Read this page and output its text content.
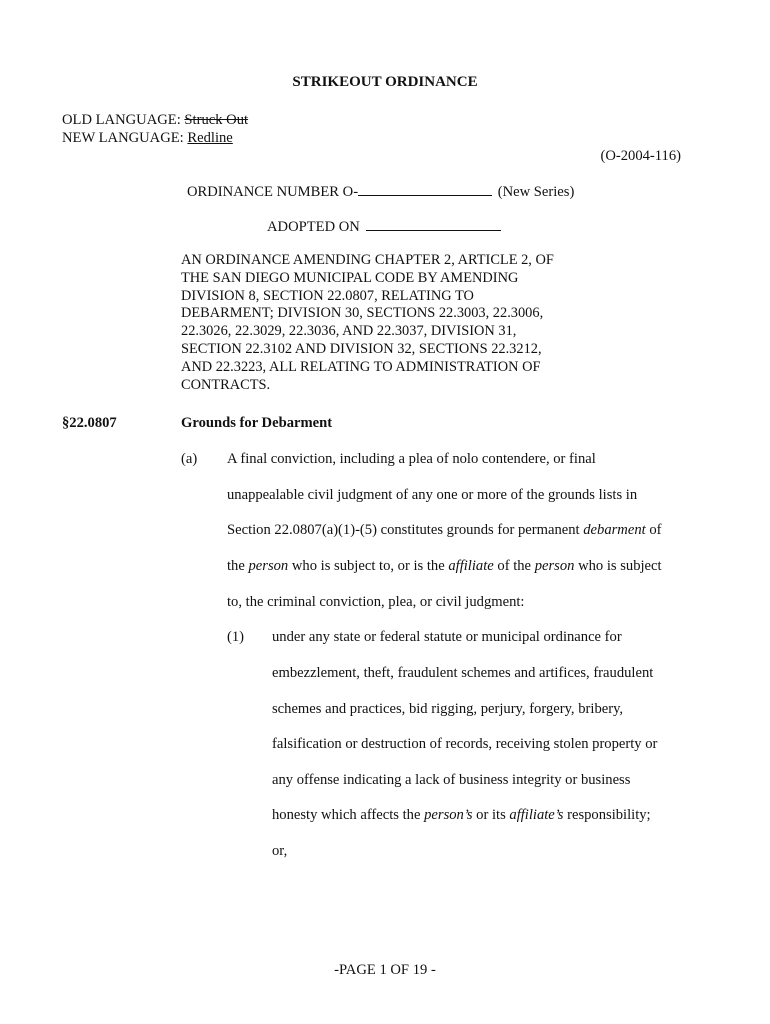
STRIKEOUT ORDINANCE
OLD LANGUAGE: Struck Out
NEW LANGUAGE: Redline
(O-2004-116)
ORDINANCE NUMBER O-	(New Series)
ADOPTED ON
AN ORDINANCE AMENDING CHAPTER 2, ARTICLE 2, OF
THE SAN DIEGO MUNICIPAL CODE BY AMENDING
DIVISION 8, SECTION 22.0807, RELATING TO
DEBARMENT; DIVISION 30, SECTIONS 22.3003, 22.3006,
22.3026, 22.3029, 22.3036, AND 22.3037, DIVISION 31,
SECTION 22.3102 AND DIVISION 32, SECTIONS 22.3212,
AND 22.3223, ALL RELATING TO ADMINISTRATION OF
CONTRACTS.
§22.0807	Grounds for Debarment
(a) A final conviction, including a plea of nolo contendere, or final
unappealable civil judgment of any one or more of the grounds lists in
Section 22.0807(a)(1)-(5) constitutes grounds for permanent debarment of
the person who is subject to, or is the affiliate of the person who is subject
to, the criminal conviction, plea, or civil judgment:
(1) under any state or federal statute or municipal ordinance for
embezzlement, theft, fraudulent schemes and artifices, fraudulent
schemes and practices, bid rigging, perjury, forgery, bribery,
falsification or destruction of records, receiving stolen property or
any offense indicating a lack of business integrity or business
honesty which affects the person’s or its affiliate’s responsibility;
or,
-PAGE 1 OF 19 -
